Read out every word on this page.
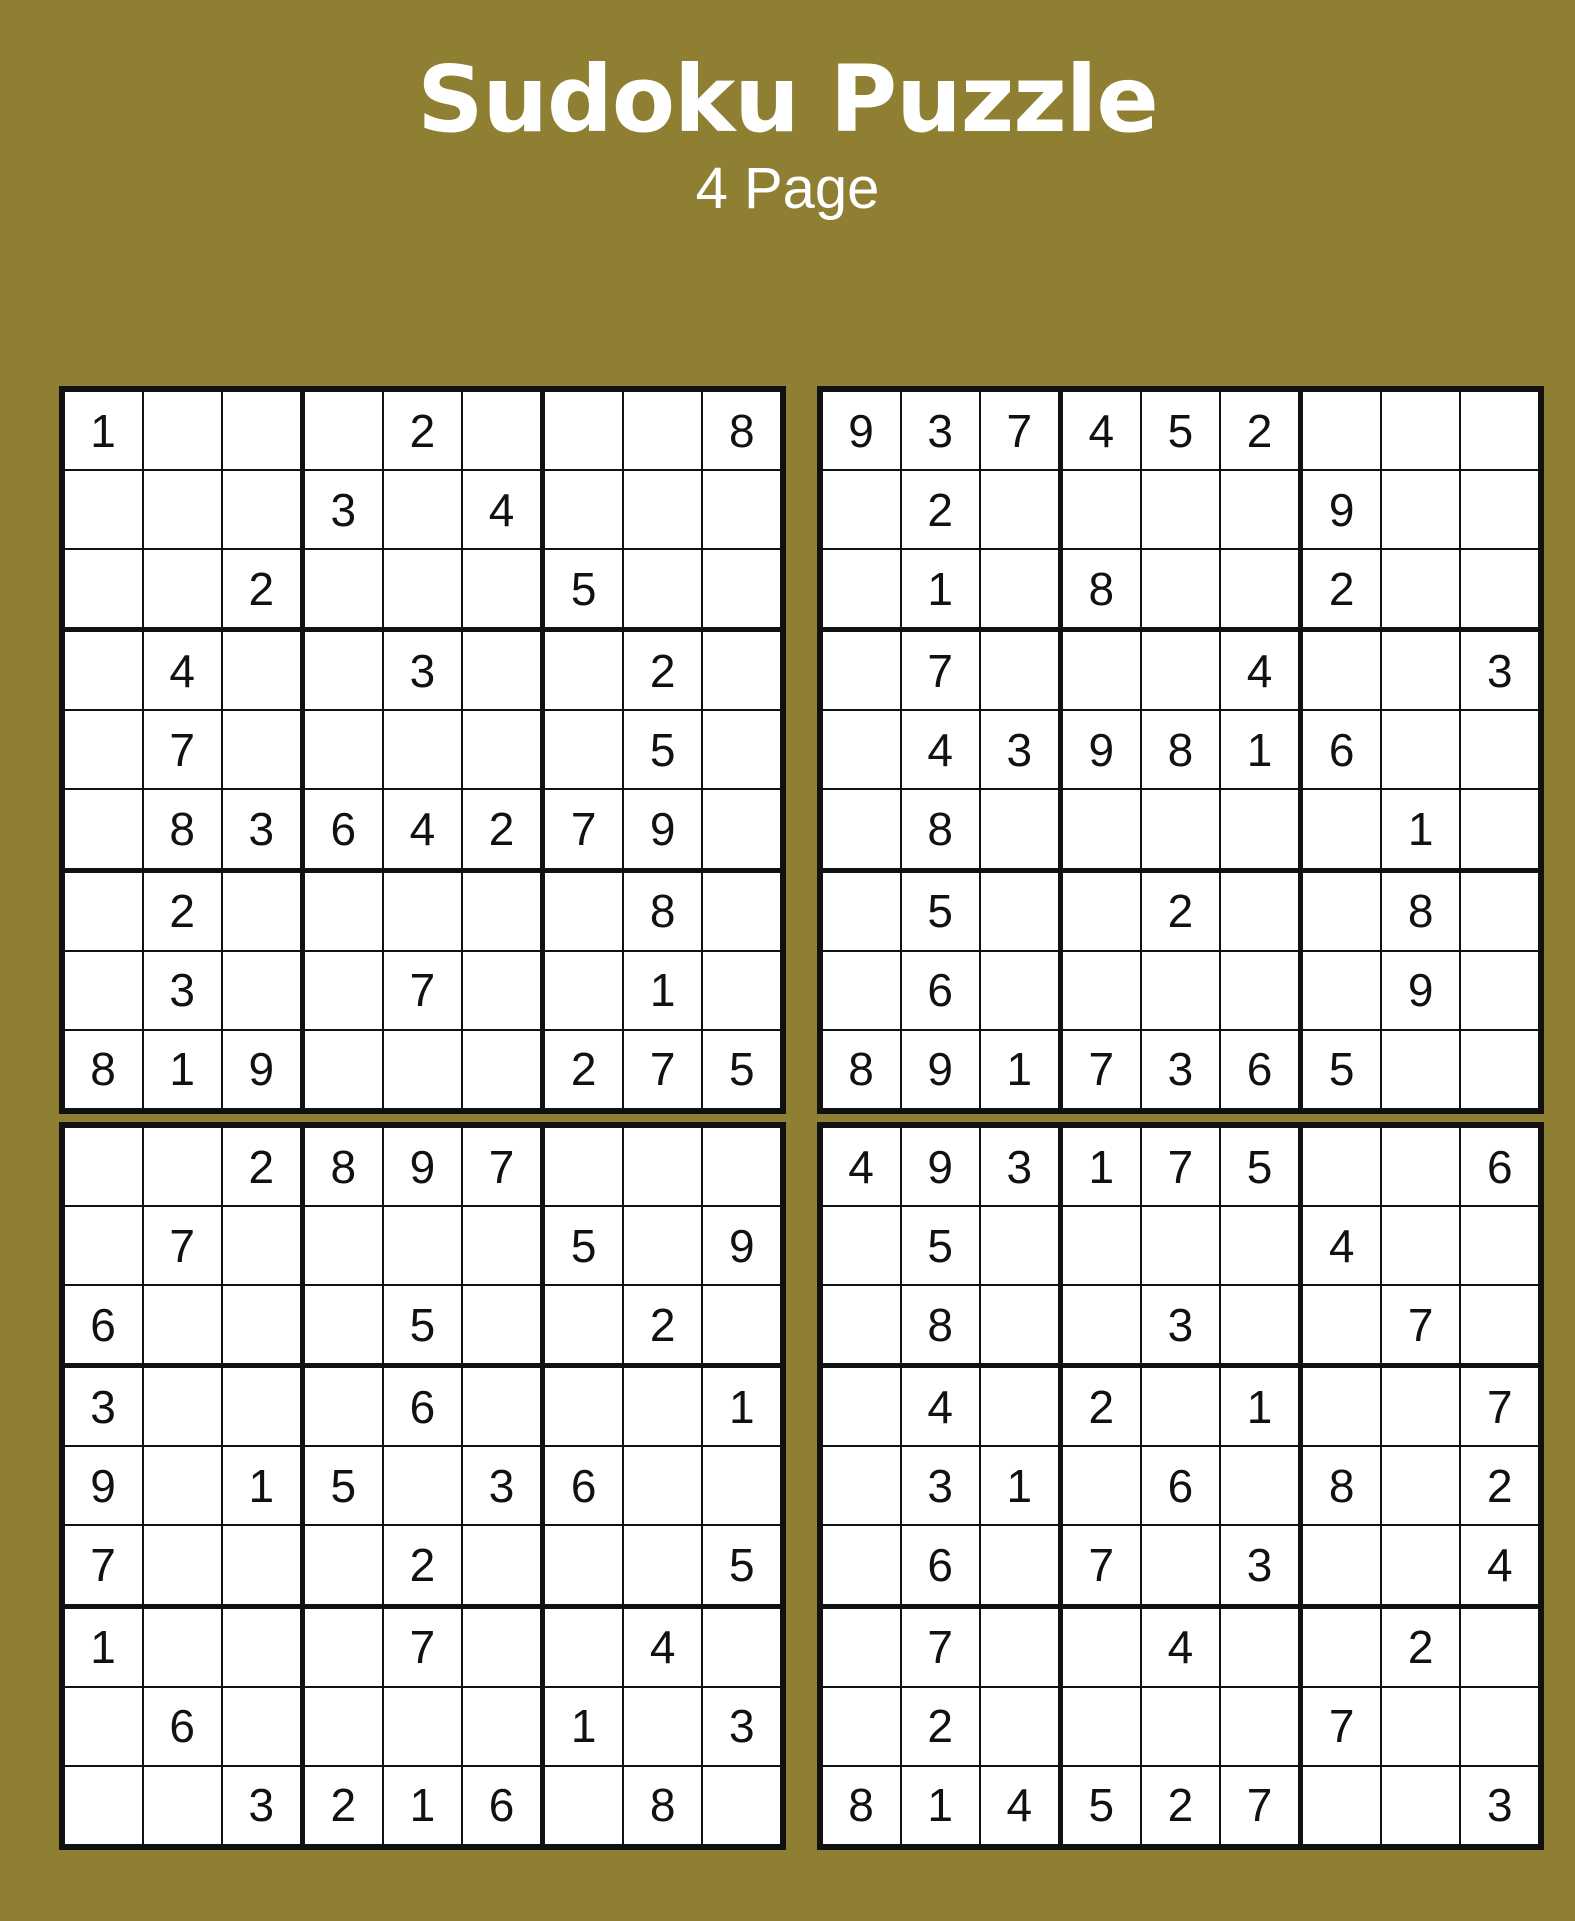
Sudoku Puzzle
4 Page
1				2				8
			3		4			
		2				5		
	4			3			2	
	7						5	
	8	3	6	4	2	7	9	
	2						8	
	3			7			1	
8	1	9				2	7	5
9	3	7	4	5	2			
	2					9		
	1		8			2		
	7				4			3
	4	3	9	8	1	6		
	8						1	
	5			2			8	
	6						9	
8	9	1	7	3	6	5		
		2	8	9	7			
	7					5		9
6				5			2	
3				6				1
9		1	5		3	6		
7				2				5
1				7			4	
	6					1		3
		3	2	1	6		8	
4	9	3	1	7	5			6
	5					4		
	8			3			7	
	4		2		1			7
	3	1		6		8		2
	6		7		3			4
	7			4			2	
	2					7		
8	1	4	5	2	7			3
